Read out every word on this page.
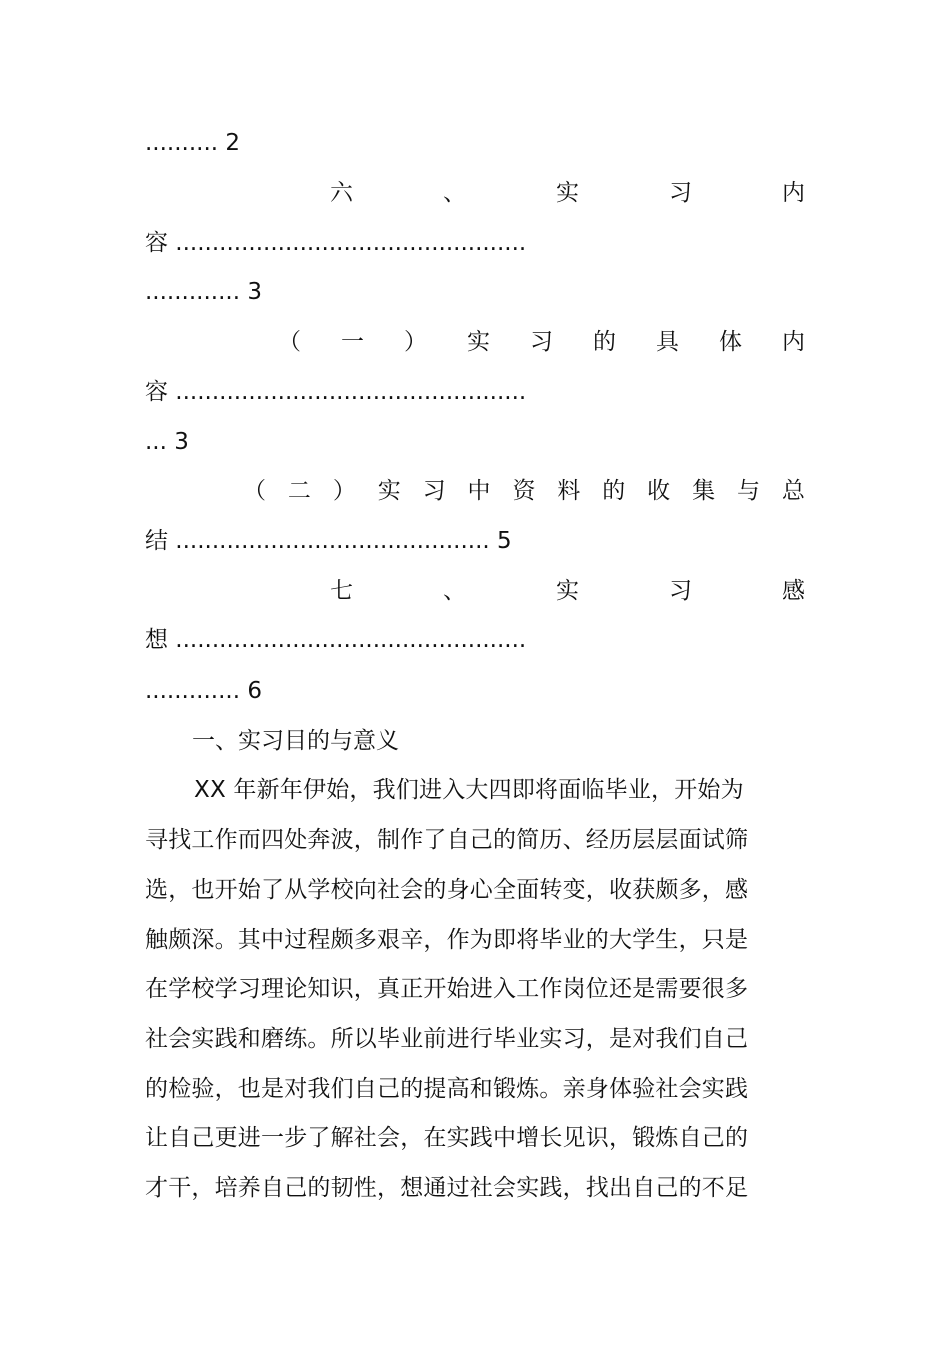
.......... 2

六	、	实	习	内

容 ................................................

............. 3

（ 一 ） 实 习 的 具 体 内

容 ................................................

... 3

（ 二 ） 实 习 中 资 料 的 收 集 与 总

结 ........................................... 5

七	、	实	习	感

想 ................................................

............. 6

一、实习目的与意义

XX 年新年伊始，我们进入大四即将面临毕业，开始为

寻找工作而四处奔波，制作了自己的简历、经历层层面试筛

选，也开始了从学校向社会的身心全面转变，收获颇多，感

触颇深。其中过程颇多艰辛，作为即将毕业的大学生，只是

在学校学习理论知识，真正开始进入工作岗位还是需要很多

社会实践和磨练。所以毕业前进行毕业实习，是对我们自己

的检验，也是对我们自己的提高和锻炼。亲身体验社会实践

让自己更进一步了解社会，在实践中增长见识，锻炼自己的

才干，培养自己的韧性，想通过社会实践，找出自己的不足
